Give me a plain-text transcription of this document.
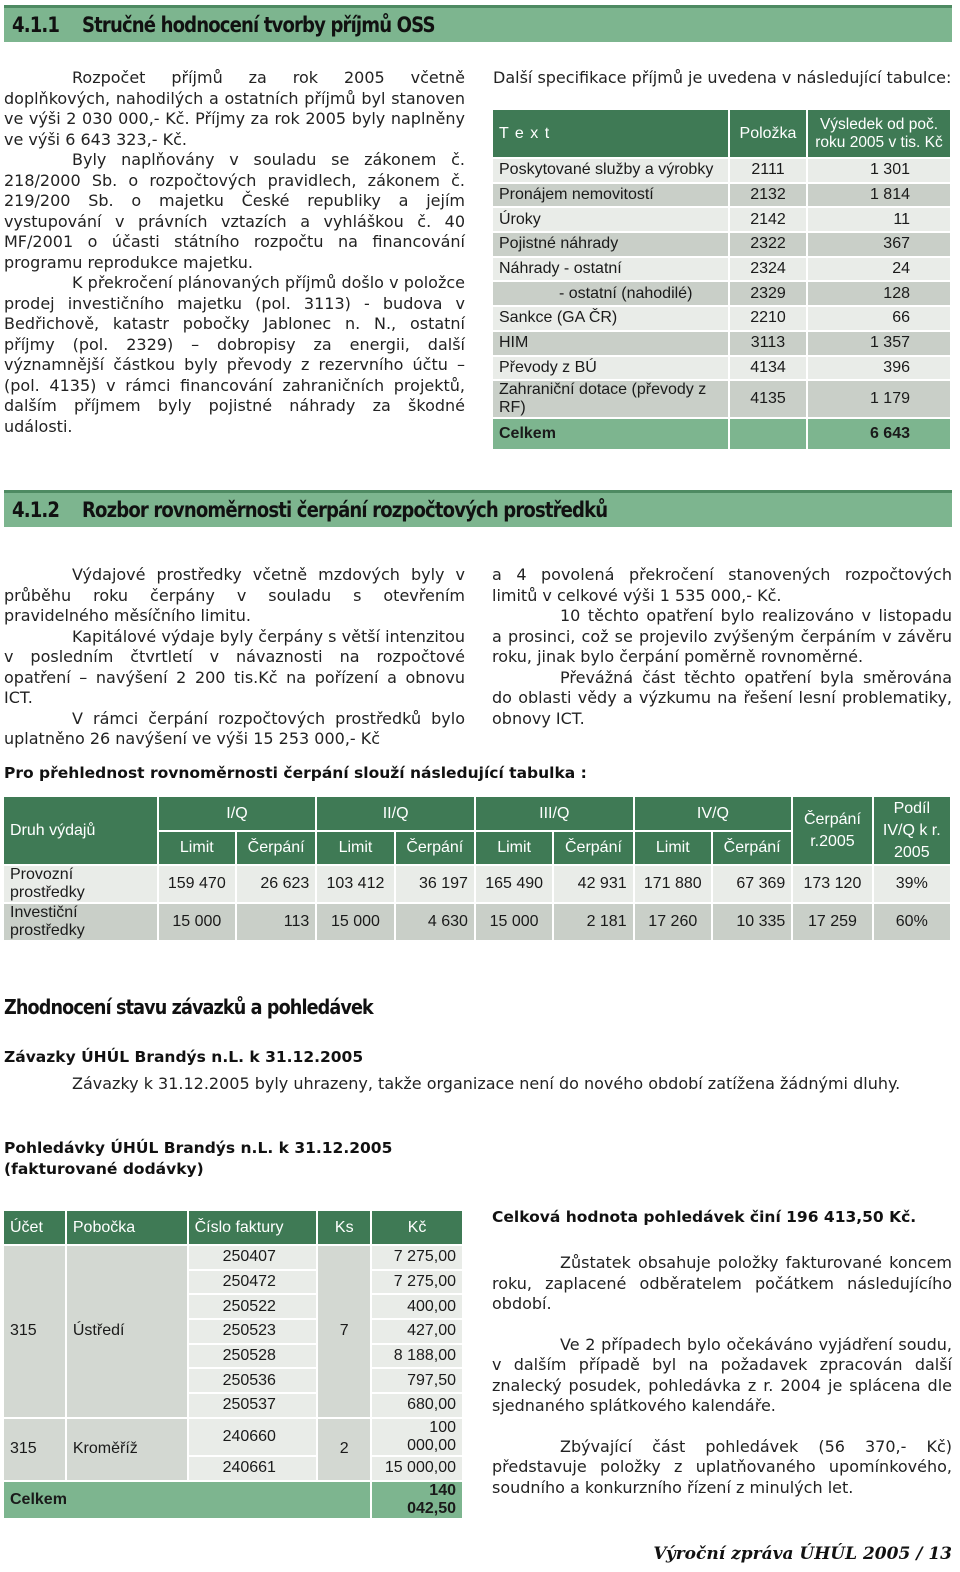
4.1.1	Stručné hodnocení tvorby příjmů OSS

Rozpočet příjmů za rok 2005 včetně doplňkových, nahodilých a ostatních příjmů byl stanoven ve výši 2 030 000,- Kč. Příjmy za rok 2005 byly naplněny ve výši 6 643 323,- Kč.

Byly naplňovány v souladu se zákonem č. 218/2000 Sb. o rozpočtových pravidlech, zákonem č. 219/200 Sb. o majetku České republiky a jejím vystupování v právních vztazích a vyhláškou č. 40 MF/2001 o účasti státního rozpočtu na financování programu reprodukce majetku.

K překročení plánovaných příjmů došlo v položce prodej investičního majetku (pol. 3113) - budova v Bedřichově, katastr pobočky Jablonec n. N., ostatní příjmy (pol. 2329) – dobropisy za energii, další významnější částkou byly převody z rezervního účtu – (pol. 4135) v rámci financování zahraničních projektů, dalším příjmem byly pojistné náhrady za škodné události.

Další specifikace příjmů je uvedena v následující tabulce:
T e x t	Položka	Výsledek od poč. roku 2005 v tis. Kč
Poskytované služby a výrobky	2111	1 301
Pronájem nemovitostí	2132	1 814
Úroky	2142	11
Pojistné náhrady	2322	367
Náhrady - ostatní	2324	24
- ostatní (nahodilé)	2329	128
Sankce (GA ČR)	2210	66
HIM	3113	1 357
Převody z BÚ	4134	396
Zahraniční dotace (převody z RF)	4135	1 179
Celkem		6 643
4.1.2	Rozbor rovnoměrnosti čerpání rozpočtových prostředků

Výdajové prostředky včetně mzdových byly v průběhu roku čerpány v souladu s otevřením pravidelného měsíčního limitu.

Kapitálové výdaje byly čerpány s větší intenzitou v posledním čtvrtletí v návaznosti na rozpočtové opatření – navýšení 2 200 tis.Kč na pořízení a obnovu ICT.

V rámci čerpání rozpočtových prostředků bylo uplatněno 26 navýšení ve výši 15 253 000,- Kč

a 4 povolená překročení stanovených rozpočtových limitů v celkové výši 1 535 000,- Kč.

10 těchto opatření bylo realizováno v listopadu a prosinci, což se projevilo zvýšeným čerpáním v závěru roku, jinak bylo čerpání poměrně rovnoměrné.

Převážná část těchto opatření byla směrována do oblasti vědy a výzkumu na řešení lesní problematiky, obnovy ICT.

Pro přehlednost rovnoměrnosti čerpání slouží následující tabulka :
Druh výdajů	I/Q		II/Q		III/Q		IV/Q		Čerpání r.2005	Podíl IV/Q k r. 2005
	Limit	Čerpání	Limit	Čerpání	Limit	Čerpání	Limit	Čerpání		
Provozní prostředky	159 470	26 623	103 412	36 197	165 490	42 931	171 880	67 369	173 120	39%
Investiční prostředky	15 000	113	15 000	4 630	15 000	2 181	17 260	10 335	17 259	60%
Zhodnocení stavu závazků a pohledávek
Závazky ÚHÚL Brandýs n.L. k 31.12.2005
Závazky k 31.12.2005 byly uhrazeny, takže organizace není do nového období zatížena žádnými dluhy.
Pohledávky ÚHÚL Brandýs n.L. k 31.12.2005
(fakturované dodávky)
Účet	Pobočka	Číslo faktury	Ks	Kč
315	Ústředí	250407	7	7 275,00
		250472		7 275,00
		250522		400,00
		250523		427,00
		250528		8 188,00
		250536		797,50
		250537		680,00
315	Kroměříž	240660	2	100 000,00
		240661		15 000,00
Celkem				140 042,50
Celková hodnota pohledávek činí 196 413,50 Kč.

Zůstatek obsahuje položky fakturované koncem roku, zaplacené odběratelem počátkem následujícího období.

Ve 2 případech bylo očekáváno vyjádření soudu, v dalším případě byl na požadavek zpracován další znalecký posudek, pohledávka z r. 2004 je splácena dle sjednaného splátkového kalendáře.

Zbývající část pohledávek (56 370,- Kč) představuje položky z uplatňovaného upomínkového, soudního a konkurzního řízení z minulých let.

Výroční zpráva ÚHÚL 2005 / 13
